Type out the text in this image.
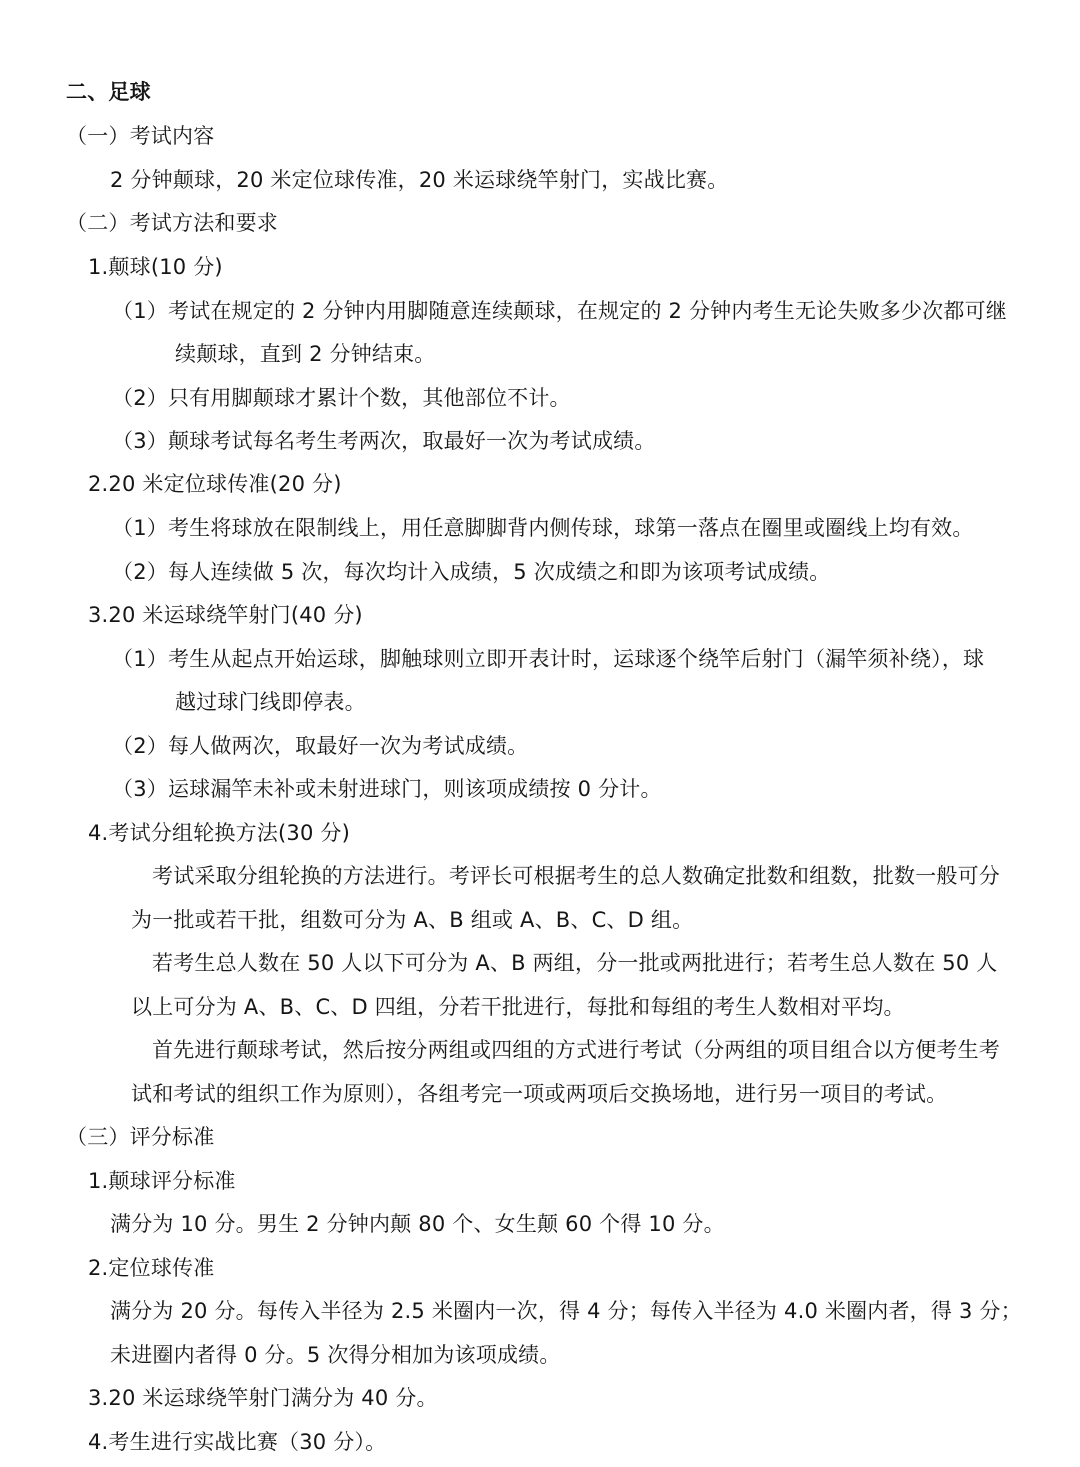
二、足球
（一）考试内容
2 分钟颠球，20 米定位球传准，20 米运球绕竿射门，实战比赛。
（二）考试方法和要求
1.颠球(10 分)
（1）考试在规定的 2 分钟内用脚随意连续颠球，在规定的 2 分钟内考生无论失败多少次都可继
续颠球，直到 2 分钟结束。
（2）只有用脚颠球才累计个数，其他部位不计。
（3）颠球考试每名考生考两次，取最好一次为考试成绩。
2.20 米定位球传准(20 分)
（1）考生将球放在限制线上，用任意脚脚背内侧传球，球第一落点在圈里或圈线上均有效。
（2）每人连续做 5 次，每次均计入成绩，5 次成绩之和即为该项考试成绩。
3.20 米运球绕竿射门(40 分)
（1）考生从起点开始运球，脚触球则立即开表计时，运球逐个绕竿后射门（漏竿须补绕），球
越过球门线即停表。
（2）每人做两次，取最好一次为考试成绩。
（3）运球漏竿未补或未射进球门，则该项成绩按 0 分计。
4.考试分组轮换方法(30 分)
考试采取分组轮换的方法进行。考评长可根据考生的总人数确定批数和组数，批数一般可分
为一批或若干批，组数可分为 A、B 组或 A、B、C、D 组。
若考生总人数在 50 人以下可分为 A、B 两组，分一批或两批进行；若考生总人数在 50 人
以上可分为 A、B、C、D 四组，分若干批进行，每批和每组的考生人数相对平均。
首先进行颠球考试，然后按分两组或四组的方式进行考试（分两组的项目组合以方便考生考
试和考试的组织工作为原则），各组考完一项或两项后交换场地，进行另一项目的考试。
（三）评分标准
1.颠球评分标准
满分为 10 分。男生 2 分钟内颠 80 个、女生颠 60 个得 10 分。
2.定位球传准
满分为 20 分。每传入半径为 2.5 米圈内一次，得 4 分；每传入半径为 4.0 米圈内者，得 3 分；
未进圈内者得 0 分。5 次得分相加为该项成绩。
3.20 米运球绕竿射门满分为 40 分。
4.考生进行实战比赛（30 分）。
